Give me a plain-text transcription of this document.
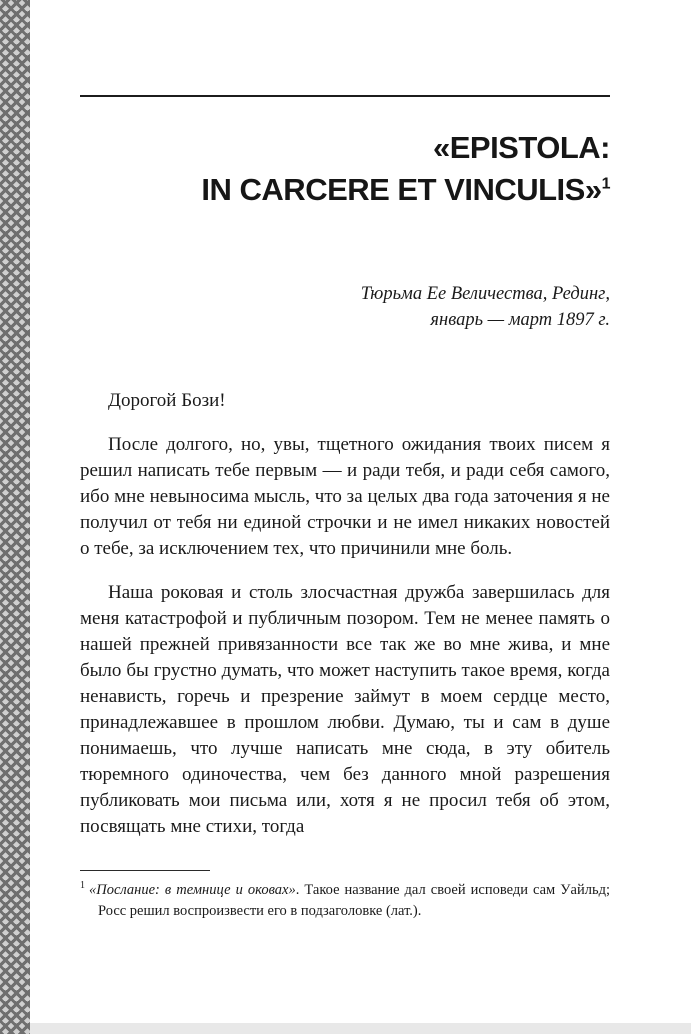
«EPISTOLA:
IN CARCERE ET VINCULIS»$^1$
Тюрьма Ее Величества, Рединг,
январь — март 1897 г.

Дорогой Бози!

После долгого, но, увы, тщетного ожидания твоих писем я решил написать тебе первым — и ради тебя, и ради себя самого, ибо мне невыносима мысль, что за целых два года заточения я не получил от тебя ни единой строчки и не имел никаких новостей о тебе, за исключением тех, что причинили мне боль.

Наша роковая и столь злосчастная дружба завершилась для меня катастрофой и публичным позором. Тем не менее память о нашей прежней привязанности все так же во мне жива, и мне было бы грустно думать, что может наступить такое время, когда ненависть, горечь и презрение займут в моем сердце место, принадлежавшее в прошлом любви. Думаю, ты и сам в душе понимаешь, что лучше написать мне сюда, в эту обитель тюремного одиночества, чем без данного мной разрешения публиковать мои письма или, хотя я не просил тебя об этом, посвящать мне стихи, тогда

$^1$ «Послание: в темнице и оковах». Такое название дал своей исповеди сам Уайльд; Росс решил воспроизвести его в подзаголовке (лат.).
